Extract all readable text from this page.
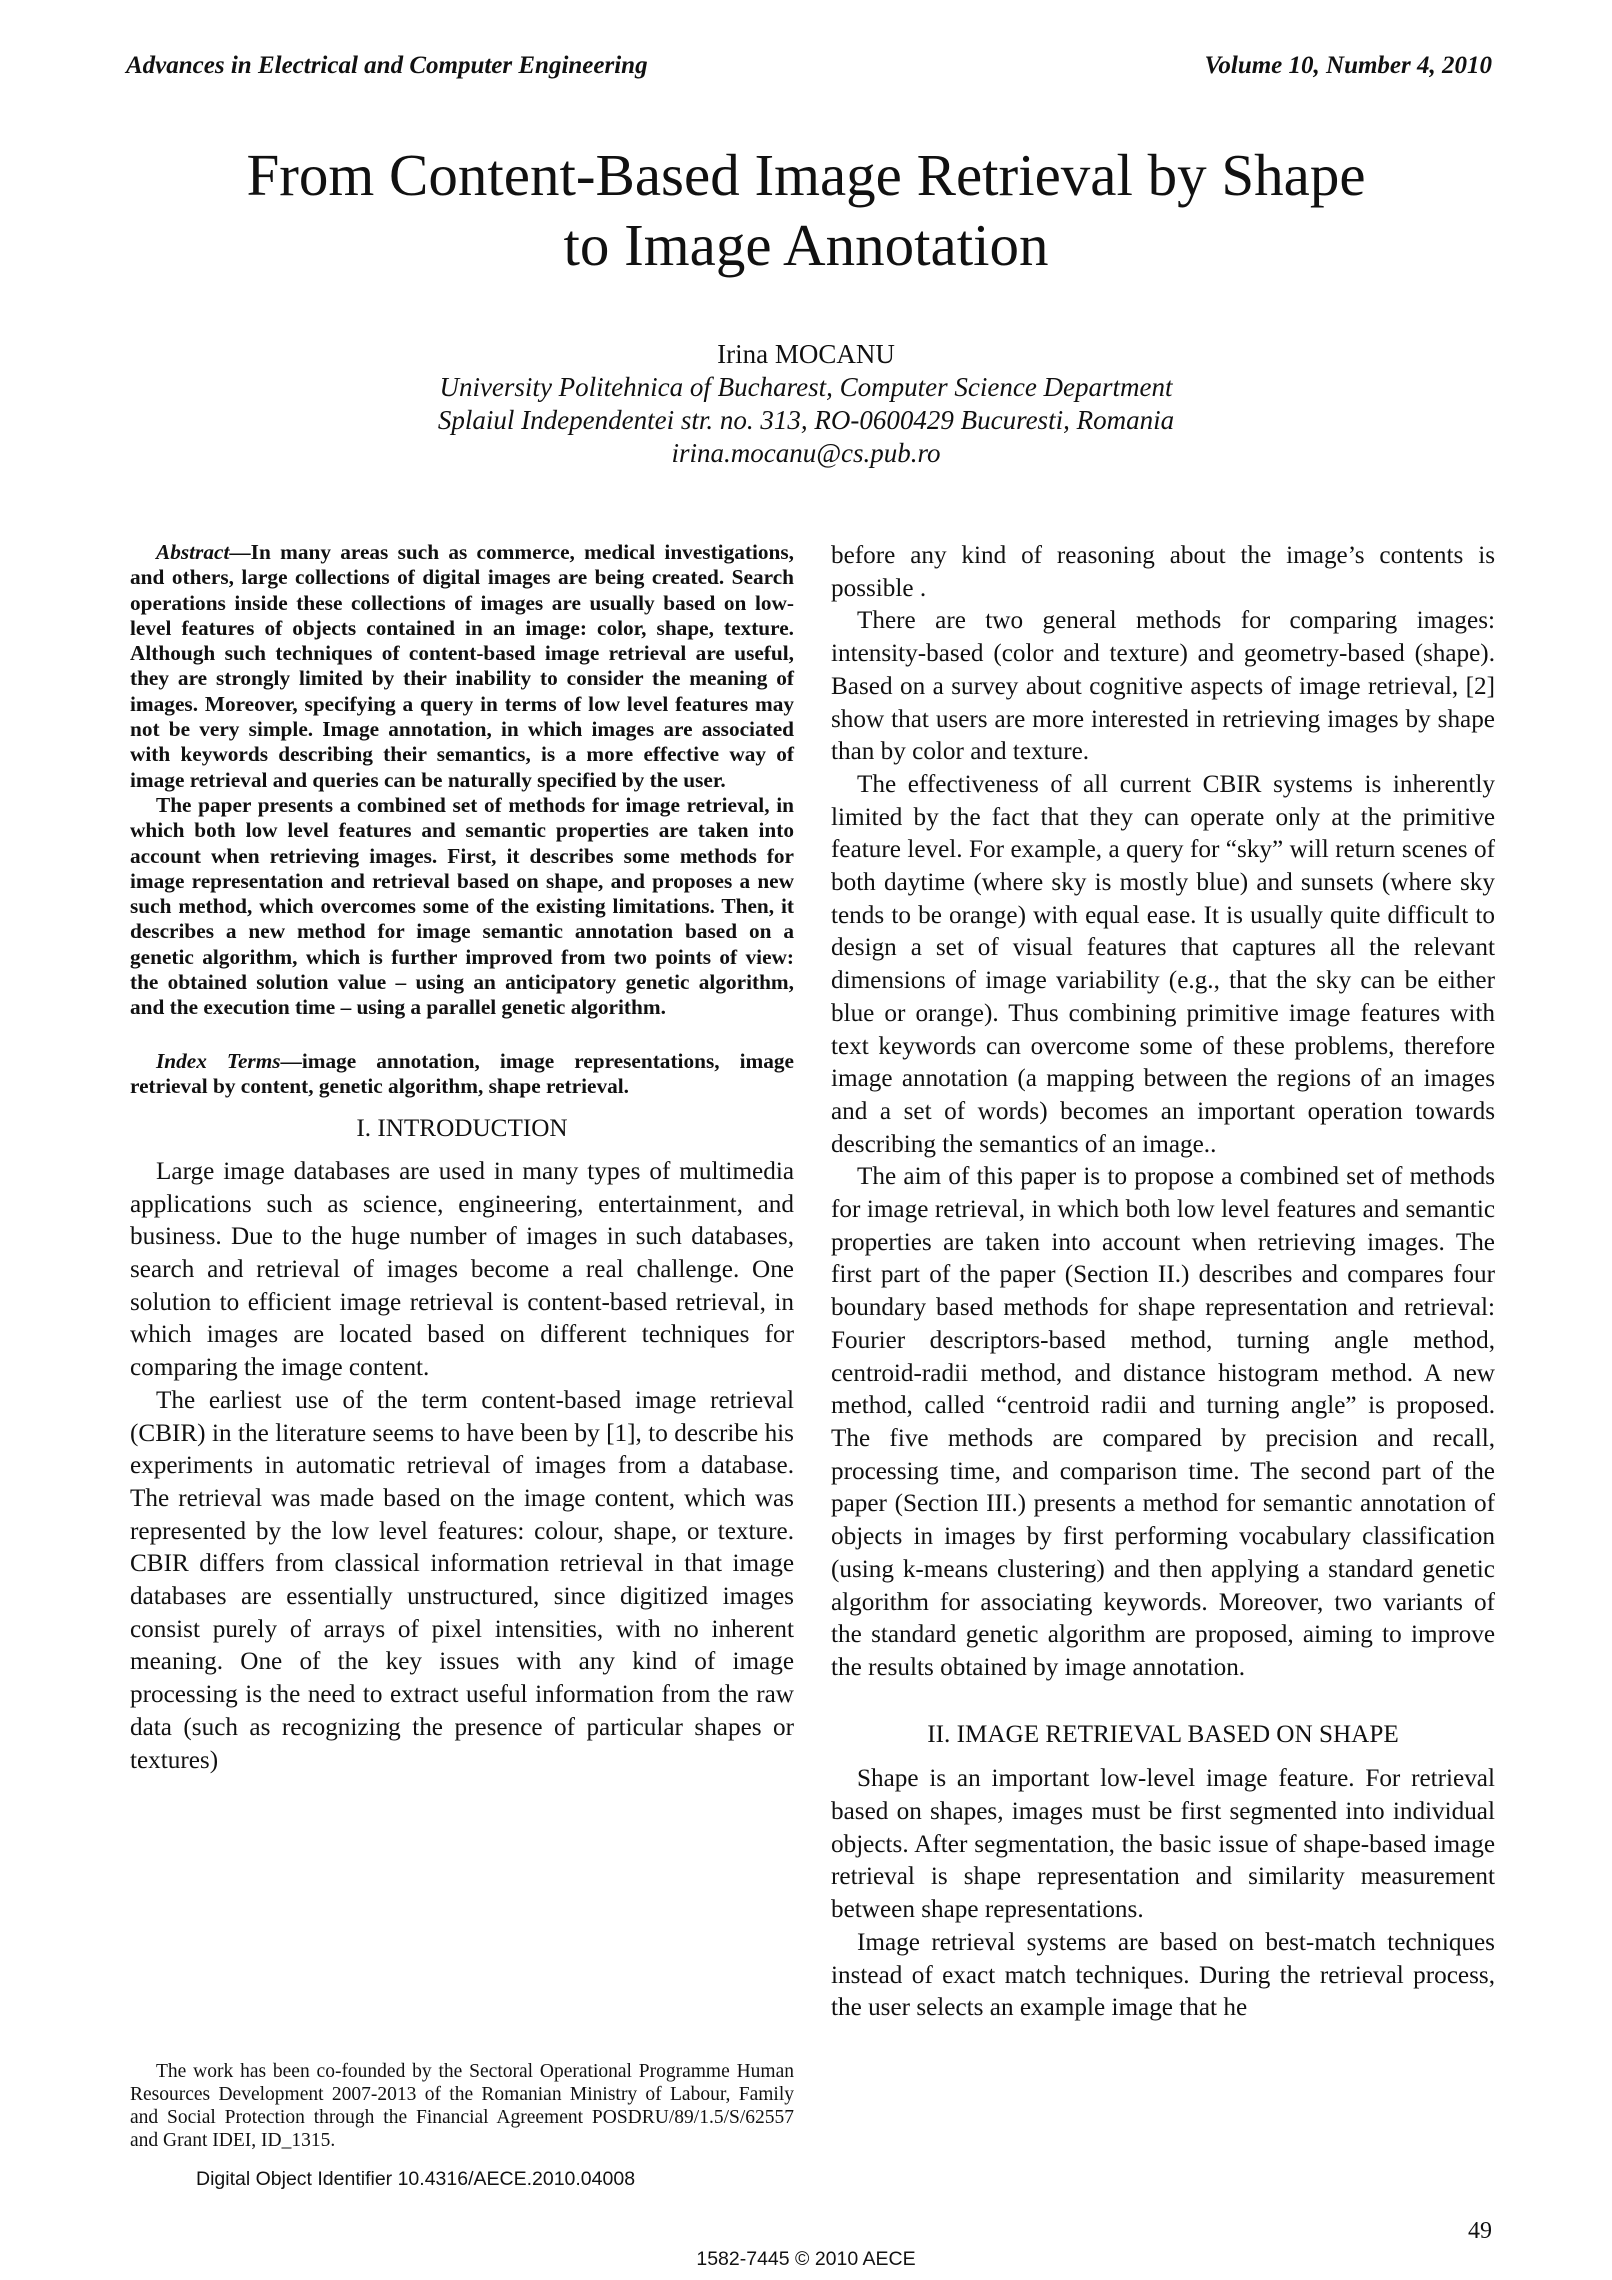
Advances in Electrical and Computer Engineering	Volume 10, Number 4, 2010
From Content-Based Image Retrieval by Shape
to Image Annotation
Irina MOCANU
University Politehnica of Bucharest, Computer Science Department
Splaiul Independentei str. no. 313, RO-0600429 Bucuresti, Romania
irina.mocanu@cs.pub.ro

Abstract—In many areas such as commerce, medical investigations, and others, large collections of digital images are being created. Search operations inside these collections of images are usually based on low-level features of objects contained in an image: color, shape, texture. Although such techniques of content-based image retrieval are useful, they are strongly limited by their inability to consider the meaning of images. Moreover, specifying a query in terms of low level features may not be very simple. Image annotation, in which images are associated with keywords describing their semantics, is a more effective way of image retrieval and queries can be naturally specified by the user.

The paper presents a combined set of methods for image retrieval, in which both low level features and semantic properties are taken into account when retrieving images. First, it describes some methods for image representation and retrieval based on shape, and proposes a new such method, which overcomes some of the existing limitations. Then, it describes a new method for image semantic annotation based on a genetic algorithm, which is further improved from two points of view: the obtained solution value – using an anticipatory genetic algorithm, and the execution time – using a parallel genetic algorithm.

Index Terms—image annotation, image representations, image retrieval by content, genetic algorithm, shape retrieval.

I. INTRODUCTION

Large image databases are used in many types of multimedia applications such as science, engineering, entertainment, and business. Due to the huge number of images in such databases, search and retrieval of images become a real challenge. One solution to efficient image retrieval is content-based retrieval, in which images are located based on different techniques for comparing the image content.

The earliest use of the term content-based image retrieval (CBIR) in the literature seems to have been by [1], to describe his experiments in automatic retrieval of images from a database. The retrieval was made based on the image content, which was represented by the low level features: colour, shape, or texture. CBIR differs from classical information retrieval in that image databases are essentially unstructured, since digitized images consist purely of arrays of pixel intensities, with no inherent meaning. One of the key issues with any kind of image processing is the need to extract useful information from the raw data (such as recognizing the presence of particular shapes or textures)

before any kind of reasoning about the image’s contents is possible .

There are two general methods for comparing images: intensity-based (color and texture) and geometry-based (shape). Based on a survey about cognitive aspects of image retrieval, [2] show that users are more interested in retrieving images by shape than by color and texture.

The effectiveness of all current CBIR systems is inherently limited by the fact that they can operate only at the primitive feature level. For example, a query for “sky” will return scenes of both daytime (where sky is mostly blue) and sunsets (where sky tends to be orange) with equal ease. It is usually quite difficult to design a set of visual features that captures all the relevant dimensions of image variability (e.g., that the sky can be either blue or orange). Thus combining primitive image features with text keywords can overcome some of these problems, therefore image annotation (a mapping between the regions of an images and a set of words) becomes an important operation towards describing the semantics of an image..

The aim of this paper is to propose a combined set of methods for image retrieval, in which both low level features and semantic properties are taken into account when retrieving images. The first part of the paper (Section II.) describes and compares four boundary based methods for shape representation and retrieval: Fourier descriptors-based method, turning angle method, centroid-radii method, and distance histogram method. A new method, called “centroid radii and turning angle” is proposed. The five methods are compared by precision and recall, processing time, and comparison time. The second part of the paper (Section III.) presents a method for semantic annotation of objects in images by first performing vocabulary classification (using k-means clustering) and then applying a standard genetic algorithm for associating keywords. Moreover, two variants of the standard genetic algorithm are proposed, aiming to improve the results obtained by image annotation.

II. IMAGE RETRIEVAL BASED ON SHAPE

Shape is an important low-level image feature. For retrieval based on shapes, images must be first segmented into individual objects. After segmentation, the basic issue of shape-based image retrieval is shape representation and similarity measurement between shape representations.

Image retrieval systems are based on best-match techniques instead of exact match techniques. During the retrieval process, the user selects an example image that he

The work has been co-founded by the Sectoral Operational Programme Human Resources Development 2007-2013 of the Romanian Ministry of Labour, Family and Social Protection through the Financial Agreement POSDRU/89/1.5/S/62557 and Grant IDEI, ID_1315.

Digital Object Identifier 10.4316/AECE.2010.04008
49
1582-7445 © 2010 AECE
